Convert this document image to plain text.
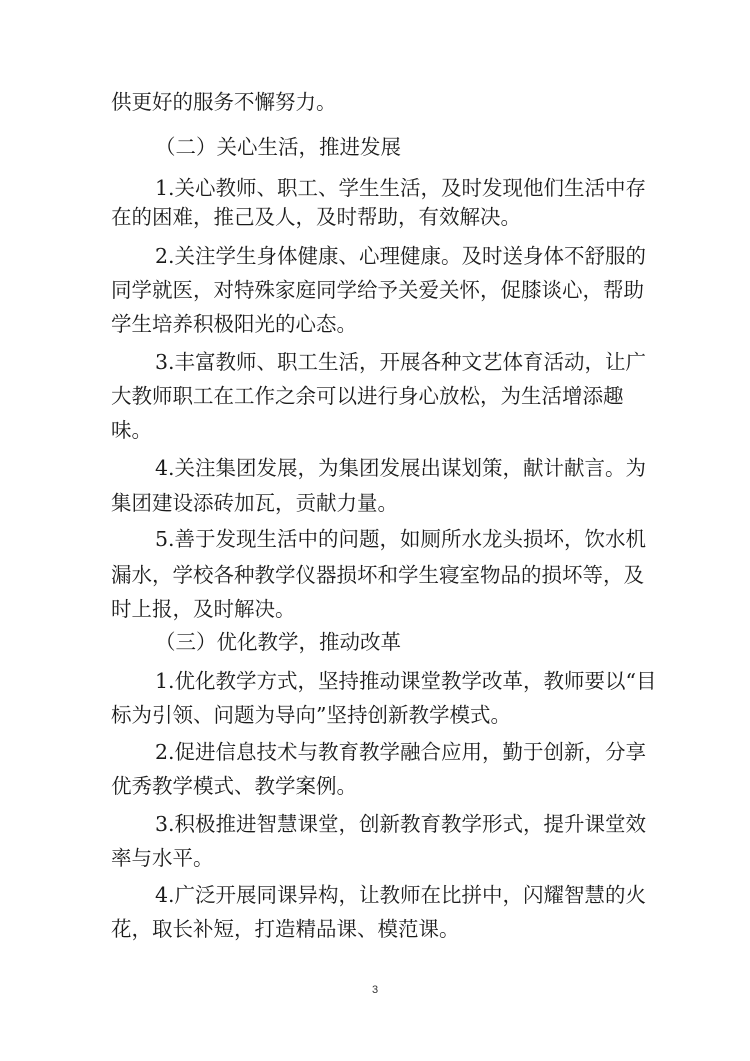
供更好的服务不懈努力。
（二）关心生活，推进发展
1.关心教师、职工、学生生活，及时发现他们生活中存
在的困难，推己及人，及时帮助，有效解决。
2.关注学生身体健康、心理健康。及时送身体不舒服的
同学就医，对特殊家庭同学给予关爱关怀，促膝谈心，帮助
学生培养积极阳光的心态。
3.丰富教师、职工生活，开展各种文艺体育活动，让广
大教师职工在工作之余可以进行身心放松，为生活增添趣
味。
4.关注集团发展，为集团发展出谋划策，献计献言。为
集团建设添砖加瓦，贡献力量。
5.善于发现生活中的问题，如厕所水龙头损坏，饮水机
漏水，学校各种教学仪器损坏和学生寝室物品的损坏等，及
时上报，及时解决。
（三）优化教学，推动改革
1.优化教学方式，坚持推动课堂教学改革，教师要以“目
标为引领、问题为导向”坚持创新教学模式。
2.促进信息技术与教育教学融合应用，勤于创新，分享
优秀教学模式、教学案例。
3.积极推进智慧课堂，创新教育教学形式，提升课堂效
率与水平。
4.广泛开展同课异构，让教师在比拼中，闪耀智慧的火
花，取长补短，打造精品课、模范课。
3
